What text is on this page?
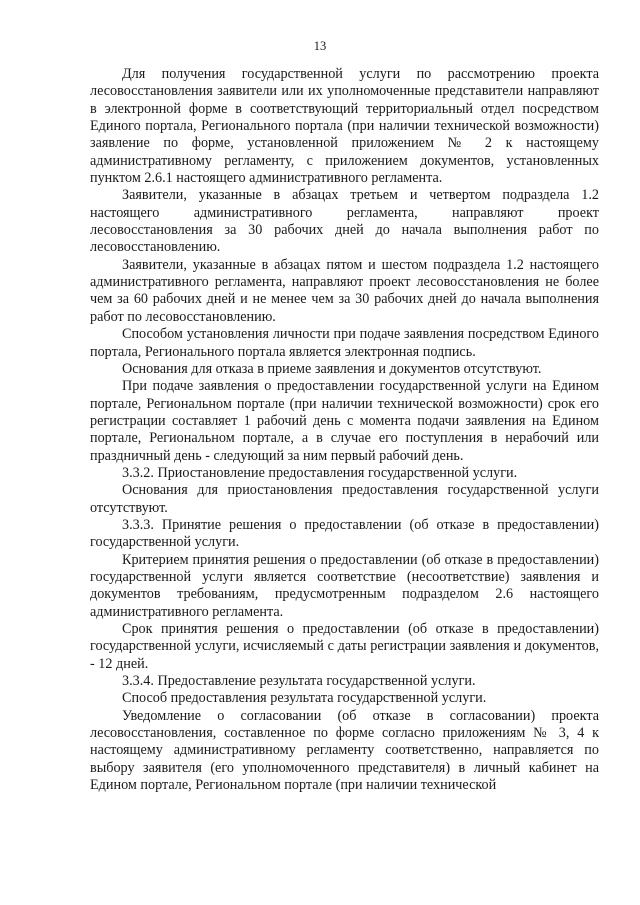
13

Для получения государственной услуги по рассмотрению проекта лесовосстановления заявители или их уполномоченные представители направляют в электронной форме в соответствующий территориальный отдел посредством Единого портала, Регионального портала (при наличии технической возможности) заявление по форме, установленной приложением № 2 к настоящему административному регламенту, с приложением документов, установленных пунктом 2.6.1 настоящего административного регламента.

Заявители, указанные в абзацах третьем и четвертом подраздела 1.2 настоящего административного регламента, направляют проект лесовосстановления за 30 рабочих дней до начала выполнения работ по лесовосстановлению.

Заявители, указанные в абзацах пятом и шестом подраздела 1.2 настоящего административного регламента, направляют проект лесовосстановления не более чем за 60 рабочих дней и не менее чем за 30 рабочих дней до начала выполнения работ по лесовосстановлению.

Способом установления личности при подаче заявления посредством Единого портала, Регионального портала является электронная подпись.

Основания для отказа в приеме заявления и документов отсутствуют.

При подаче заявления о предоставлении государственной услуги на Едином портале, Региональном портале (при наличии технической возможности) срок его регистрации составляет 1 рабочий день с момента подачи заявления на Едином портале, Региональном портале, а в случае его поступления в нерабочий или праздничный день - следующий за ним первый рабочий день.

3.3.2. Приостановление предоставления государственной услуги.

Основания для приостановления предоставления государственной услуги отсутствуют.

3.3.3. Принятие решения о предоставлении (об отказе в предоставлении) государственной услуги.

Критерием принятия решения о предоставлении (об отказе в предоставлении) государственной услуги является соответствие (несоответствие) заявления и документов требованиям, предусмотренным подразделом 2.6 настоящего административного регламента.

Срок принятия решения о предоставлении (об отказе в предоставлении) государственной услуги, исчисляемый с даты регистрации заявления и документов, - 12 дней.

3.3.4. Предоставление результата государственной услуги.

Способ предоставления результата государственной услуги.

Уведомление о согласовании (об отказе в согласовании) проекта лесовосстановления, составленное по форме согласно приложениям № 3, 4 к настоящему административному регламенту соответственно, направляется по выбору заявителя (его уполномоченного представителя) в личный кабинет на Едином портале, Региональном портале (при наличии технической
